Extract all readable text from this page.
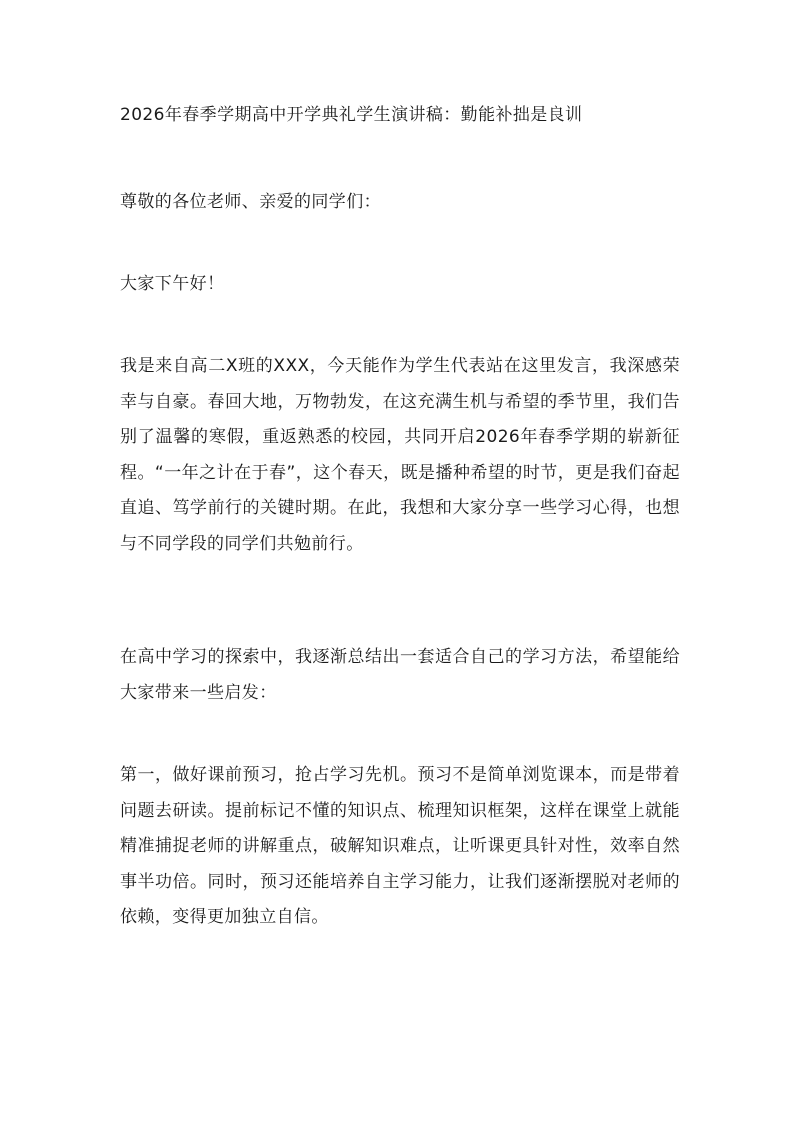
2026年春季学期高中开学典礼学生演讲稿：勤能补拙是良训

尊敬的各位老师、亲爱的同学们：

大家下午好！

我是来自高二X班的XXX，今天能作为学生代表站在这里发言，我深感荣幸与自豪。春回大地，万物勃发，在这充满生机与希望的季节里，我们告别了温馨的寒假，重返熟悉的校园，共同开启2026年春季学期的崭新征程。“一年之计在于春”，这个春天，既是播种希望的时节，更是我们奋起直追、笃学前行的关键时期。在此，我想和大家分享一些学习心得，也想与不同学段的同学们共勉前行。

在高中学习的探索中，我逐渐总结出一套适合自己的学习方法，希望能给大家带来一些启发：

第一，做好课前预习，抢占学习先机。预习不是简单浏览课本，而是带着问题去研读。提前标记不懂的知识点、梳理知识框架，这样在课堂上就能精准捕捉老师的讲解重点，破解知识难点，让听课更具针对性，效率自然事半功倍。同时，预习还能培养自主学习能力，让我们逐渐摆脱对老师的依赖，变得更加独立自信。
